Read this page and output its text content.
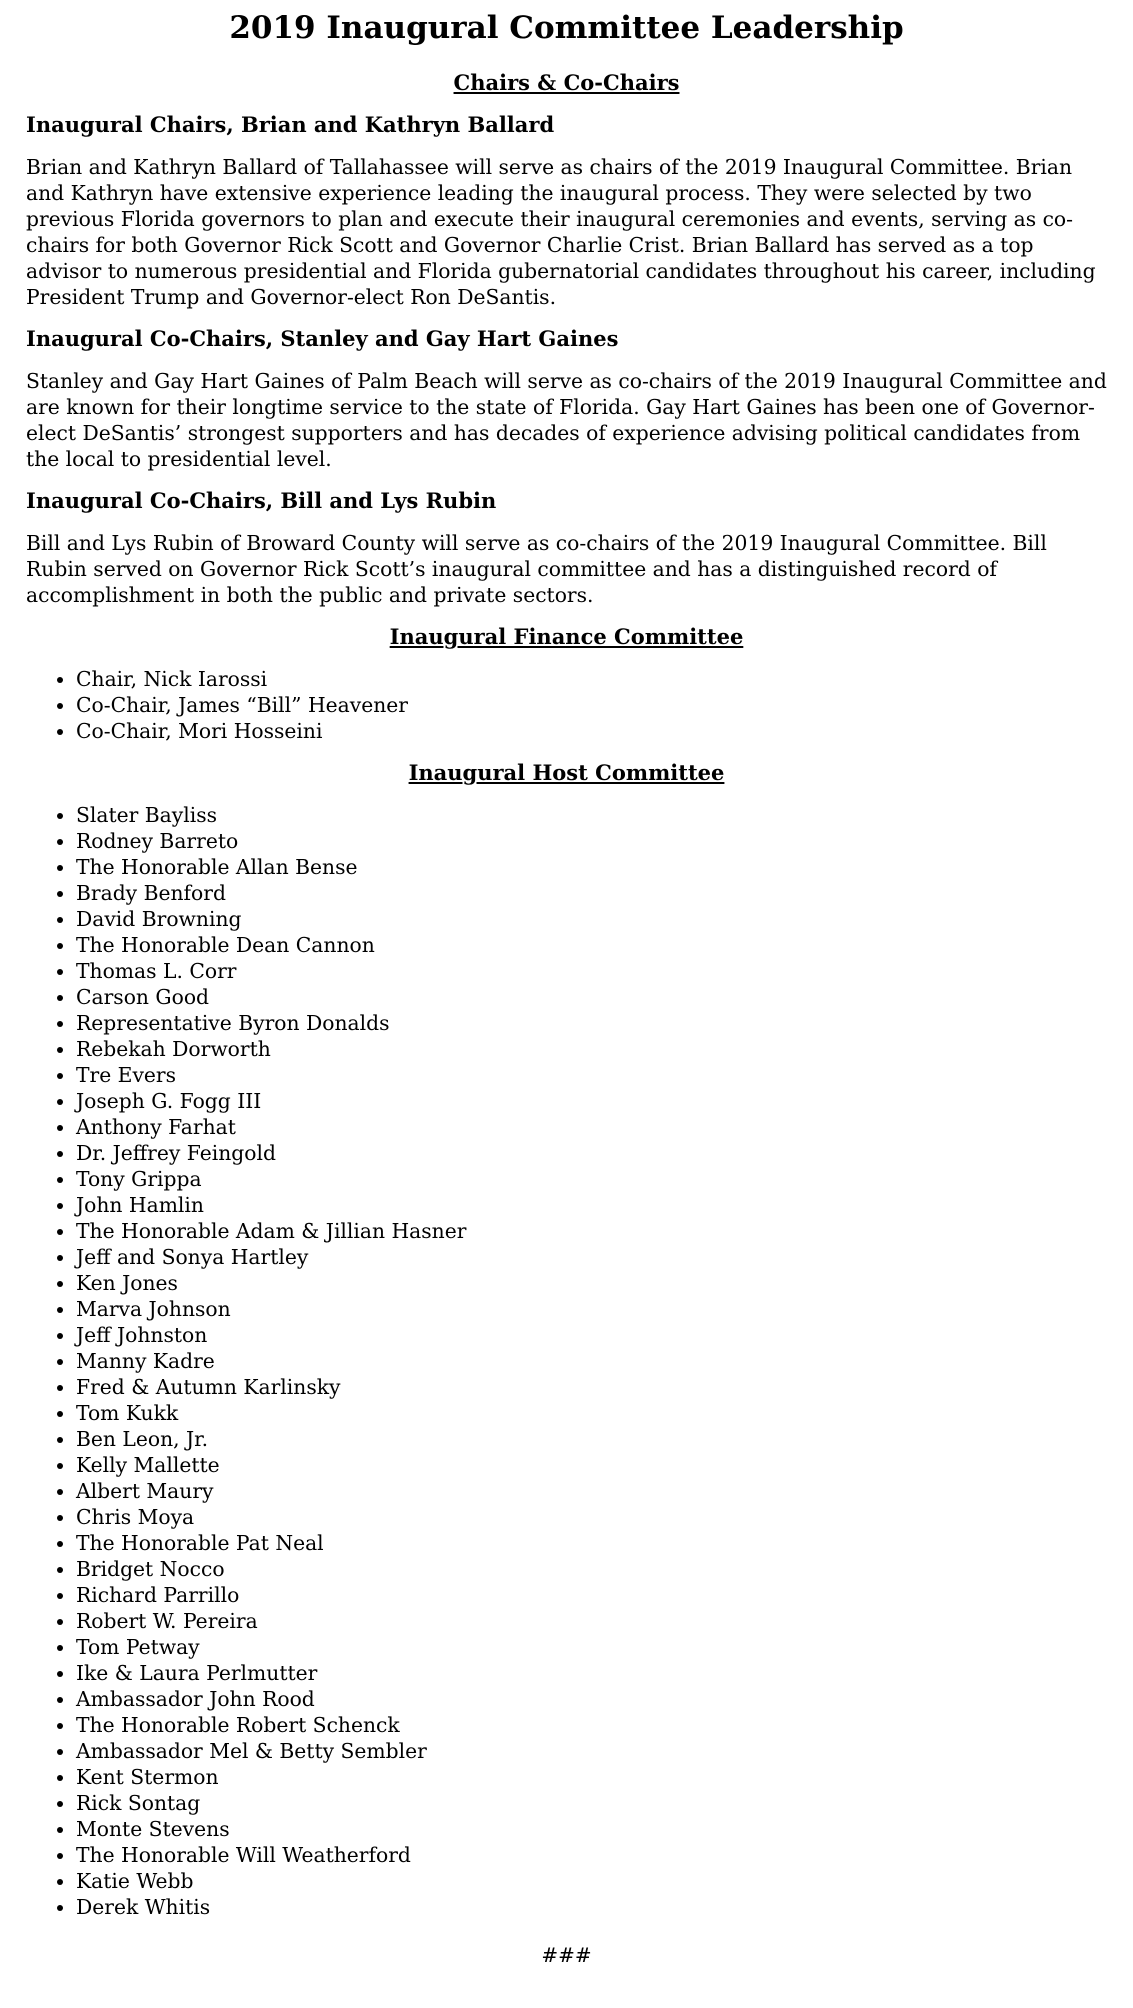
2019 Inaugural Committee Leadership
Chairs & Co-Chairs
Inaugural Chairs, Brian and Kathryn Ballard

Brian and Kathryn Ballard of Tallahassee will serve as chairs of the 2019 Inaugural Committee. Brian and Kathryn have extensive experience leading the inaugural process. They were selected by two previous Florida governors to plan and execute their inaugural ceremonies and events, serving as co-chairs for both Governor Rick Scott and Governor Charlie Crist. Brian Ballard has served as a top advisor to numerous presidential and Florida gubernatorial candidates throughout his career, including President Trump and Governor-elect Ron DeSantis.

Inaugural Co-Chairs, Stanley and Gay Hart Gaines

Stanley and Gay Hart Gaines of Palm Beach will serve as co-chairs of the 2019 Inaugural Committee and are known for their longtime service to the state of Florida. Gay Hart Gaines has been one of Governor-elect DeSantis’ strongest supporters and has decades of experience advising political candidates from the local to presidential level.

Inaugural Co-Chairs, Bill and Lys Rubin

Bill and Lys Rubin of Broward County will serve as co-chairs of the 2019 Inaugural Committee. Bill Rubin served on Governor Rick Scott’s inaugural committee and has a distinguished record of accomplishment in both the public and private sectors.

Inaugural Finance Committee
• Chair, Nick Iarossi
• Co-Chair, James “Bill” Heavener
• Co-Chair, Mori Hosseini
Inaugural Host Committee
• Slater Bayliss
• Rodney Barreto
• The Honorable Allan Bense
• Brady Benford
• David Browning
• The Honorable Dean Cannon
• Thomas L. Corr
• Carson Good
• Representative Byron Donalds
• Rebekah Dorworth
• Tre Evers
• Joseph G. Fogg III
• Anthony Farhat
• Dr. Jeffrey Feingold
• Tony Grippa
• John Hamlin
• The Honorable Adam & Jillian Hasner
• Jeff and Sonya Hartley
• Ken Jones
• Marva Johnson
• Jeff Johnston
• Manny Kadre
• Fred & Autumn Karlinsky
• Tom Kukk
• Ben Leon, Jr.
• Kelly Mallette
• Albert Maury
• Chris Moya
• The Honorable Pat Neal
• Bridget Nocco
• Richard Parrillo
• Robert W. Pereira
• Tom Petway
• Ike & Laura Perlmutter
• Ambassador John Rood
• The Honorable Robert Schenck
• Ambassador Mel & Betty Sembler
• Kent Stermon
• Rick Sontag
• Monte Stevens
• The Honorable Will Weatherford
• Katie Webb
• Derek Whitis
###
